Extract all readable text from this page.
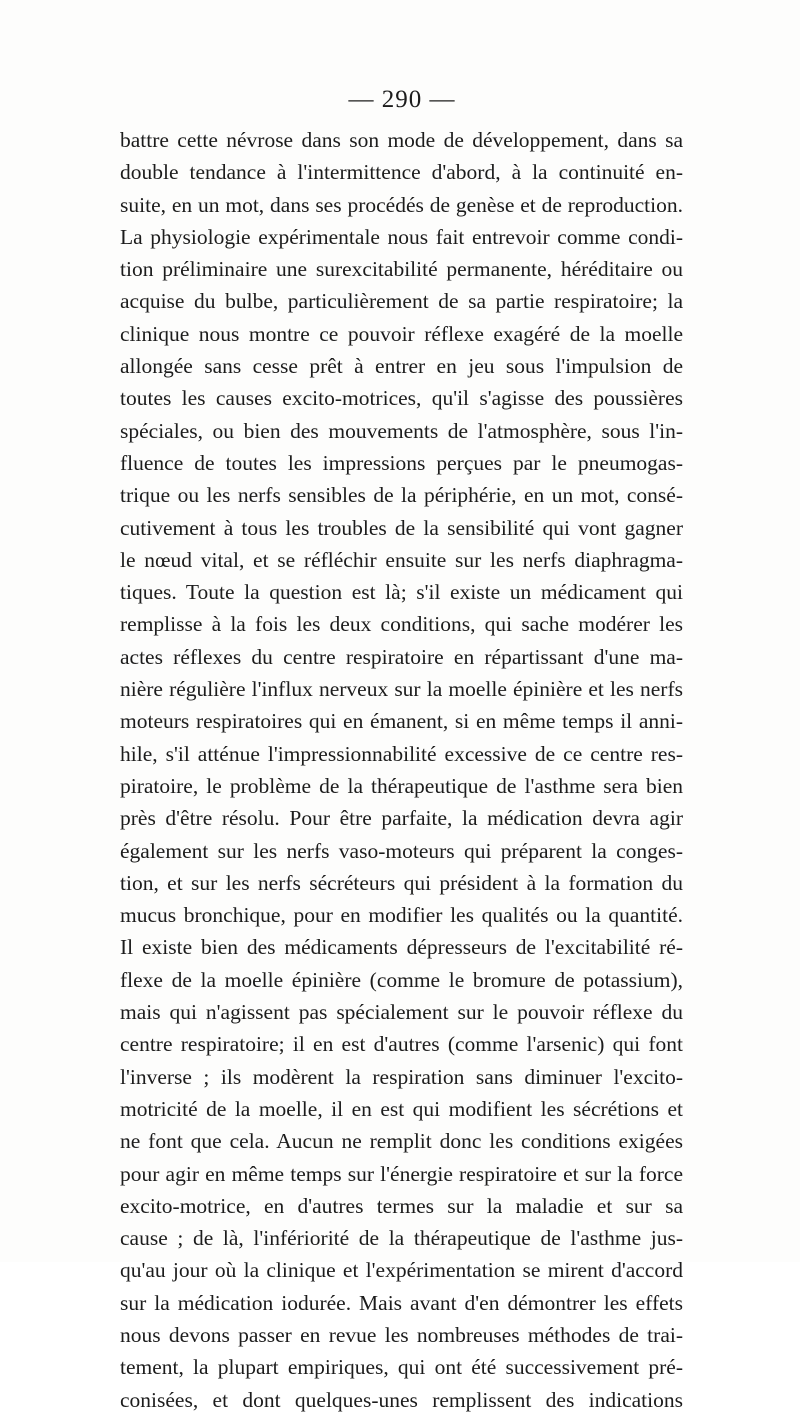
— 290 —
battre cette névrose dans son mode de développement, dans sa
double tendance à l'intermittence d'abord, à la continuité en-
suite, en un mot, dans ses procédés de genèse et de reproduction.
La physiologie expérimentale nous fait entrevoir comme condi-
tion préliminaire une surexcitabilité permanente, héréditaire ou
acquise du bulbe, particulièrement de sa partie respiratoire; la
clinique nous montre ce pouvoir réflexe exagéré de la moelle
allongée sans cesse prêt à entrer en jeu sous l'impulsion de
toutes les causes excito-motrices, qu'il s'agisse des poussières
spéciales, ou bien des mouvements de l'atmosphère, sous l'in-
fluence de toutes les impressions perçues par le pneumogas-
trique ou les nerfs sensibles de la périphérie, en un mot, consé-
cutivement à tous les troubles de la sensibilité qui vont gagner
le nœud vital, et se réfléchir ensuite sur les nerfs diaphragma-
tiques. Toute la question est là; s'il existe un médicament qui
remplisse à la fois les deux conditions, qui sache modérer les
actes réflexes du centre respiratoire en répartissant d'une ma-
nière régulière l'influx nerveux sur la moelle épinière et les nerfs
moteurs respiratoires qui en émanent, si en même temps il anni-
hile, s'il atténue l'impressionnabilité excessive de ce centre res-
piratoire, le problème de la thérapeutique de l'asthme sera bien
près d'être résolu. Pour être parfaite, la médication devra agir
également sur les nerfs vaso-moteurs qui préparent la conges-
tion, et sur les nerfs sécréteurs qui président à la formation du
mucus bronchique, pour en modifier les qualités ou la quantité.
Il existe bien des médicaments dépresseurs de l'excitabilité ré-
flexe de la moelle épinière (comme le bromure de potassium),
mais qui n'agissent pas spécialement sur le pouvoir réflexe du
centre respiratoire; il en est d'autres (comme l'arsenic) qui font
l'inverse ; ils modèrent la respiration sans diminuer l'excito-
motricité de la moelle, il en est qui modifient les sécrétions et
ne font que cela. Aucun ne remplit donc les conditions exigées
pour agir en même temps sur l'énergie respiratoire et sur la force
excito-motrice, en d'autres termes sur la maladie et sur sa
cause ; de là, l'infériorité de la thérapeutique de l'asthme jus-
qu'au jour où la clinique et l'expérimentation se mirent d'accord
sur la médication iodurée. Mais avant d'en démontrer les effets
nous devons passer en revue les nombreuses méthodes de trai-
tement, la plupart empiriques, qui ont été successivement pré-
conisées, et dont quelques-unes remplissent des indications
